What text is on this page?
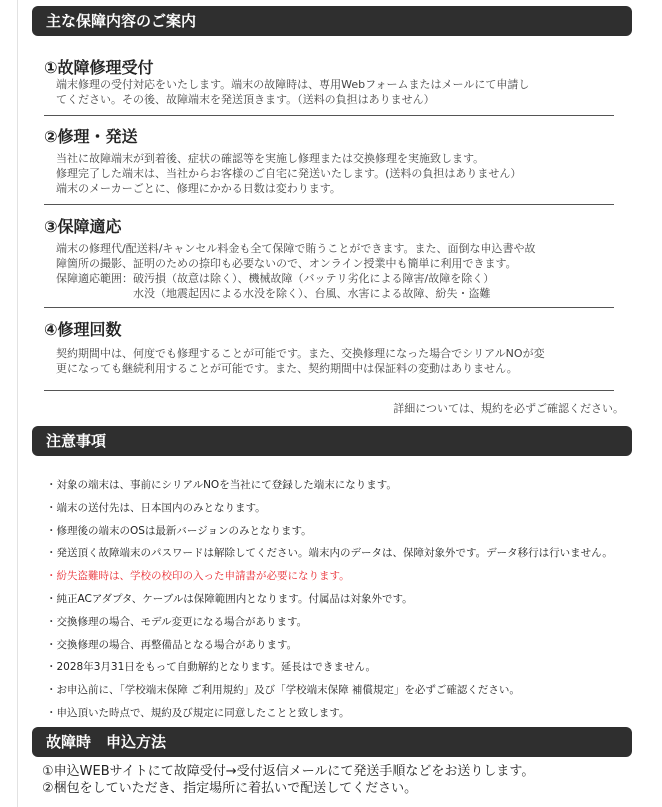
主な保障内容のご案内
①故障修理受付
端末修理の受付対応をいたします。端末の故障時は、専用Webフォームまたはメールにて申請し
てください。その後、故障端末を発送頂きます。（送料の負担はありません）
②修理・発送
当社に故障端末が到着後、症状の確認等を実施し修理または交換修理を実施致します。
修理完了した端末は、当社からお客様のご自宅に発送いたします。(送料の負担はありません）
端末のメーカーごとに、修理にかかる日数は変わります。
③保障適応
端末の修理代/配送料/キャンセル料金も全て保障で賄うことができます。また、面倒な申込書や故
障箇所の撮影、証明のための捺印も必要ないので、オンライン授業中も簡単に利用できます。
保障適応範囲：破汚損（故意は除く）、機械故障（バッテリ劣化による障害/故障を除く）
　　　　　　　水没（地震起因による水没を除く）、台風、水害による故障、紛失・盗難
④修理回数
契約期間中は、何度でも修理することが可能です。また、交換修理になった場合でシリアルNOが変
更になっても継続利用することが可能です。また、契約期間中は保証料の変動はありません。
詳細については、規約を必ずご確認ください。
注意事項
・対象の端末は、事前にシリアルNOを当社にて登録した端末になります。
・端末の送付先は、日本国内のみとなります。
・修理後の端末のOSは最新バージョンのみとなります。
・発送頂く故障端末のパスワードは解除してください。端末内のデータは、保障対象外です。データ移行は行いません。
・紛失盗難時は、学校の校印の入った申請書が必要になります。
・純正ACアダプタ、ケーブルは保障範囲内となります。付属品は対象外です。
・交換修理の場合、モデル変更になる場合があります。
・交換修理の場合、再整備品となる場合があります。
・2028年3月31日をもって自動解約となります。延長はできません。
・お申込前に、「学校端末保障 ご利用規約」及び「学校端末保障 補償規定」を必ずご確認ください。
・申込頂いた時点で、規約及び規定に同意したことと致します。
故障時　申込方法
①申込WEBサイトにて故障受付→受付返信メールにて発送手順などをお送りします。
②梱包をしていただき、指定場所に着払いで配送してください。
